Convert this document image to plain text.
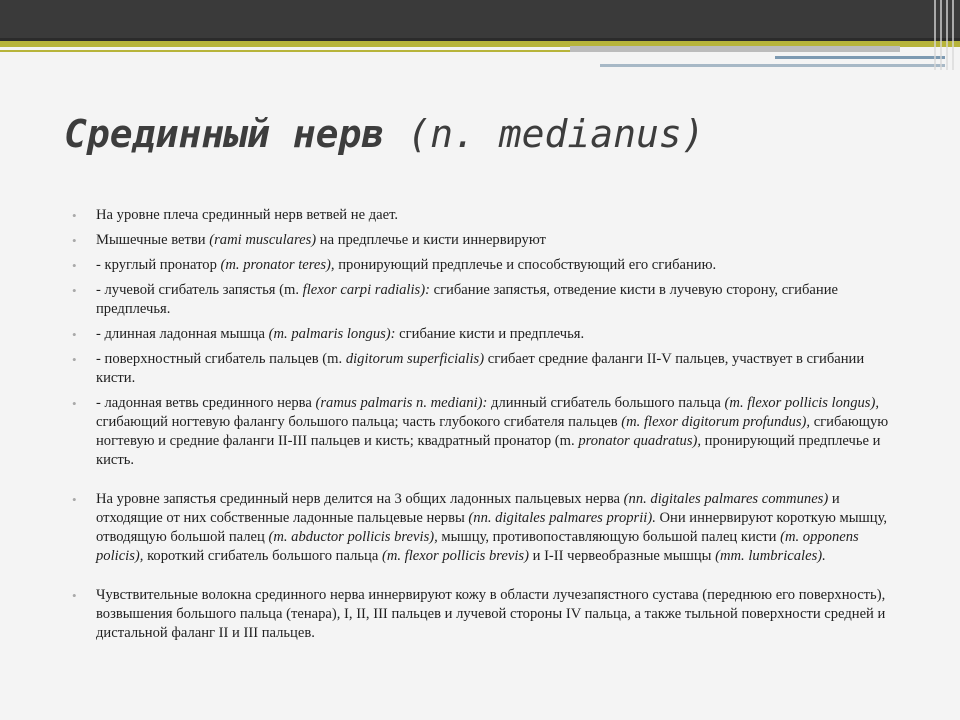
Срединный нерв (n. medianus)
• На уровне плеча срединный нерв ветвей не дает.
• Мышечные ветви (rami musculares) на предплечье и кисти иннервируют
• - круглый пронатор (m. pronator teres), пронирующий предплечье и способствующий его сгибанию.
• - лучевой сгибатель запястья (m. flexor carpi radialis): сгибание запястья, отведение кисти в лучевую сторону, сгибание предплечья.
• - длинная ладонная мышца (m. palmaris longus): сгибание кисти и предплечья.
• - поверхностный сгибатель пальцев (m. digitorum superficialis) сгибает средние фаланги II-V пальцев, участвует в сгибании кисти.
• - ладонная ветвь срединного нерва (ramus palmaris n. mediani): длинный сгибатель большого пальца (m. flexor pollicis longus), сгибающий ногтевую фалангу большого пальца; часть глубокого сгибателя пальцев (m. flexor digitorum profundus), сгибающую ногтевую и средние фаланги II-III пальцев и кисть; квадратный пронатор (m. pronator quadratus), пронирующий предплечье и кисть.
• На уровне запястья срединный нерв делится на 3 общих ладонных пальцевых нерва (nn. digitales palmares communes) и отходящие от них собственные ладонные пальцевые нервы (nn. digitales palmares proprii). Они иннервируют короткую мышцу, отводящую большой палец (m. abductor pollicis brevis), мышцу, противопоставляющую большой палец кисти (m. opponens policis), короткий сгибатель большого пальца (m. flexor pollicis brevis) и I-II червеобразные мышцы (mm. lumbricales).
• Чувствительные волокна срединного нерва иннервируют кожу в области лучезапястного сустава (переднюю его поверхность), возвышения большого пальца (тенара), I, II, III пальцев и лучевой стороны IV пальца, а также тыльной поверхности средней и дистальной фаланг II и III пальцев.
